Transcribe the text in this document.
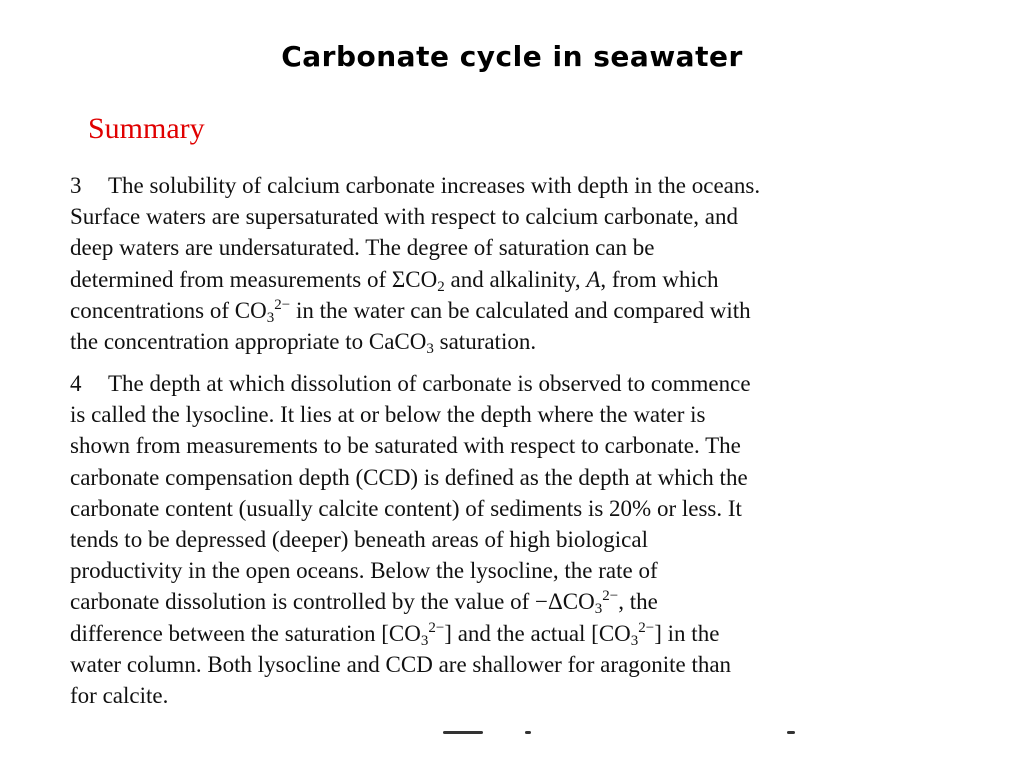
Carbonate cycle in seawater
Summary
3 The solubility of calcium carbonate increases with depth in the oceans.
Surface waters are supersaturated with respect to calcium carbonate, and
deep waters are undersaturated. The degree of saturation can be
determined from measurements of $\Sigma CO_2$ and alkalinity, A, from which
concentrations of $CO_3^{2-}$ in the water can be calculated and compared with
the concentration appropriate to CaCO$_3$ saturation.
4 The depth at which dissolution of carbonate is observed to commence
is called the lysocline. It lies at or below the depth where the water is
shown from measurements to be saturated with respect to carbonate. The
carbonate compensation depth (CCD) is defined as the depth at which the
carbonate content (usually calcite content) of sediments is 20% or less. It
tends to be depressed (deeper) beneath areas of high biological
productivity in the open oceans. Below the lysocline, the rate of
carbonate dissolution is controlled by the value of $-\Delta CO_3^{2-}$, the
difference between the saturation $[CO_3^{2-}]$ and the actual $[CO_3^{2-}]$ in the
water column. Both lysocline and CCD are shallower for aragonite than
for calcite.
